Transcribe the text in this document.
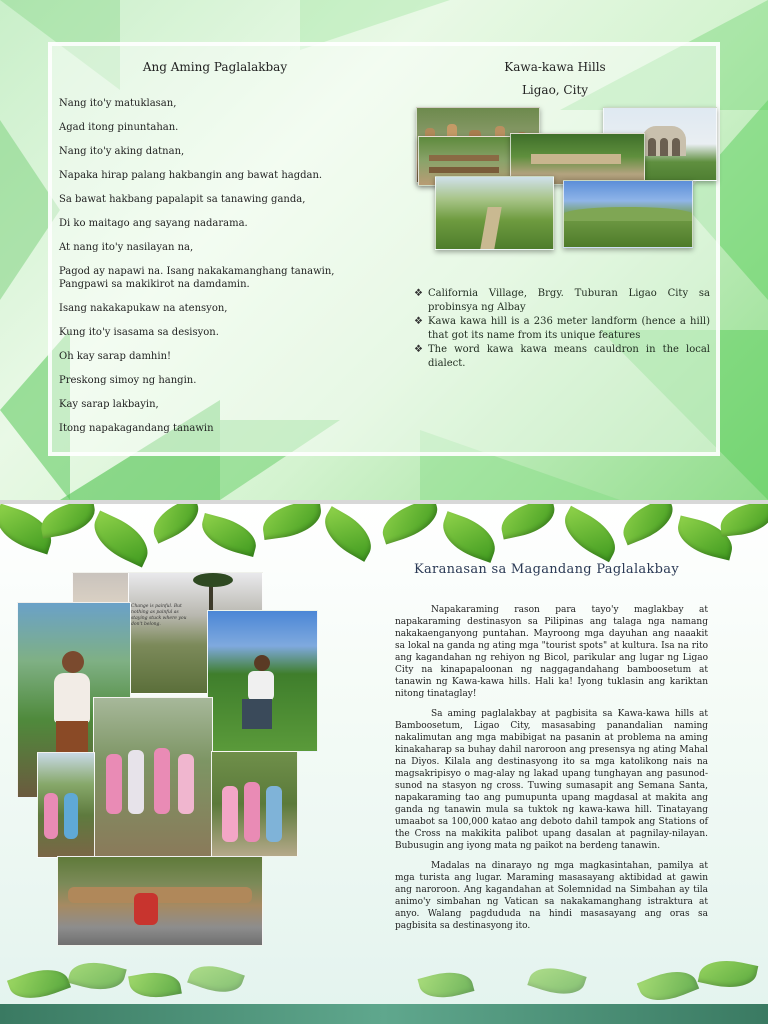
Ang Aming Paglalakbay	Kawa-kawa Hills
Ligao, City
Nang ito'y matuklasan,
Agad itong pinuntahan.
Nang ito'y aking datnan,
Napaka hirap palang hakbangin ang bawat hagdan.
Sa bawat hakbang papalapit sa tanawing ganda,
Di ko maitago ang sayang nadarama.
At nang ito'y nasilayan na,
Pagod ay napawi na. Isang nakakamanghang tanawin,
Pangpawi sa makikirot na damdamin.
Isang nakakapukaw na atensyon,
Kung ito'y isasama sa desisyon.
Oh kay sarap damhin!
Preskong simoy ng hangin.
Kay sarap lakbayin,
Itong napakagandang tanawin
❖ California Village, Brgy. Tuburan Ligao City sa probinsya ng Albay
❖ Kawa kawa hill is a 236 meter landform (hence a hill) that got its name from its unique features
❖ The word kawa kawa means cauldron in the local dialect.
Change is painful. But nothing as painful as staying stuck where you don't belong.
Karanasan sa Magandang Paglalakbay

Napakaraming rason para tayo'y maglakbay at napakaraming destinasyon sa Pilipinas ang talaga nga namang nakakaenganyong puntahan. Mayroong mga dayuhan ang naaakit sa lokal na ganda ng ating mga "tourist spots" at kultura. Isa na rito ang kagandahan ng rehiyon ng Bicol, parikular ang lugar ng Ligao City na kinapapaloonan ng naggagandahang bamboosetum at tanawin ng Kawa-kawa hills. Hali ka! Iyong tuklasin ang kariktan nitong tinataglay!

Sa aming paglalakbay at pagbisita sa Kawa-kawa hills at Bamboosetum, Ligao City, masasabing panandalian naming nakalimutan ang mga mabibigat na pasanin at problema na aming kinakaharap sa buhay dahil naroroon ang presensya ng ating Mahal na Diyos. Kilala ang destinasyong ito sa mga katolikong nais na magsakripisyo o mag-alay ng lakad upang tunghayan ang pasunod-sunod na stasyon ng cross. Tuwing sumasapit ang Semana Santa, napakaraming tao ang pumupunta upang magdasal at makita ang ganda ng tanawin mula sa tuktok ng kawa-kawa hill. Tinatayang umaabot sa 100,000 katao ang deboto dahil tampok ang Stations of the Cross na makikita palibot upang dasalan at pagnilay-nilayan. Bubusugin ang iyong mata ng paikot na berdeng tanawin.

Madalas na dinarayo ng mga magkasintahan, pamilya at mga turista ang lugar. Maraming masasayang aktibidad at gawin ang naroroon. Ang kagandahan at Solemnidad na Simbahan ay tila animo'y simbahan ng Vatican sa nakakamanghang istraktura at anyo. Walang pagdududa na hindi masasayang ang oras sa pagbisita sa destinasyong ito.
